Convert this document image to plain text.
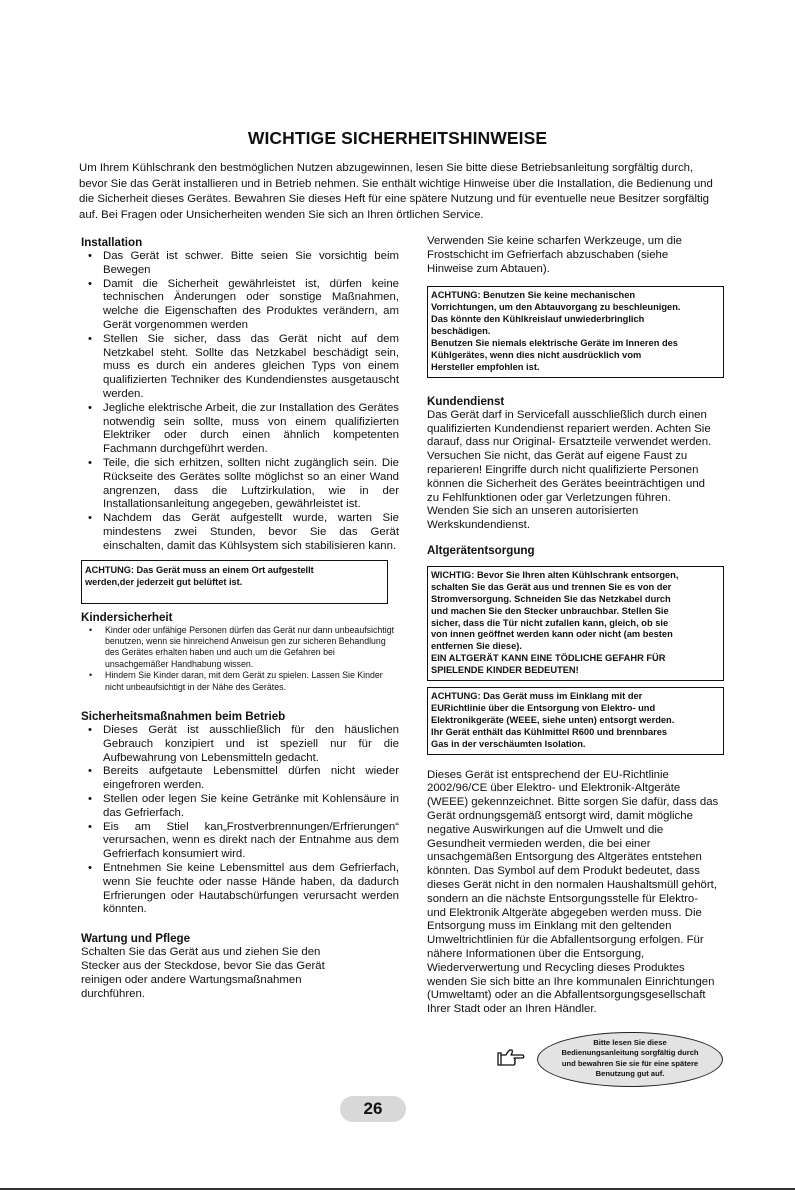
WICHTIGE SICHERHEITSHINWEISE

Um Ihrem Kühlschrank den bestmöglichen Nutzen abzugewinnen, lesen Sie bitte diese Betriebsanleitung sorgfältig durch, bevor Sie das Gerät installieren und in Betrieb nehmen. Sie enthält wichtige Hinweise über die Installation, die Bedienung und die Sicherheit dieses Gerätes. Bewahren Sie dieses Heft für eine spätere Nutzung und für eventuelle neue Besitzer sorgfältig auf. Bei Fragen oder Unsicherheiten wenden Sie sich an Ihren örtlichen Service.

Installation
• Das Gerät ist schwer. Bitte seien Sie vorsichtig beim Bewegen
• Damit die Sicherheit gewährleistet ist, dürfen keine technischen Änderungen oder sonstige Maßnahmen, welche die Eigenschaften des Produktes verändern, am Gerät vorgenommen werden
• Stellen Sie sicher, dass das Gerät nicht auf dem Netzkabel steht. Sollte das Netzkabel beschädigt sein, muss es durch ein anderes gleichen Typs von einem qualifizierten Techniker des Kundendienstes ausgetauscht werden.
• Jegliche elektrische Arbeit, die zur Installation des Gerätes notwendig sein sollte, muss von einem qualifizierten Elektriker oder durch einen ähnlich kompetenten Fachmann durchgeführt werden.
• Teile, die sich erhitzen, sollten nicht zugänglich sein. Die Rückseite des Gerätes sollte möglichst so an einer Wand angrenzen, dass die Luftzirkulation, wie in der Installationsanleitung angegeben, gewährleistet ist.
• Nachdem das Gerät aufgestellt wurde, warten Sie mindestens zwei Stunden, bevor Sie das Gerät einschalten, damit das Kühlsystem sich stabilisieren kann.
ACHTUNG: Das Gerät muss an einem Ort aufgestellt
werden,der jederzeit gut belüftet ist.
Kindersicherheit
• Kinder oder unfähige Personen dürfen das Gerät nur dann unbeaufsichtigt benutzen, wenn sie hinreichend Anweisun gen zur sicheren Behandlung des Gerätes erhalten haben und auch um die Gefahren bei unsachgemäßer Handhabung wissen.
• Hindern Sie Kinder daran, mit dem Gerät zu spielen. Lassen Sie Kinder nicht unbeaufsichtigt in der Nähe des Gerätes.
Sicherheitsmaßnahmen beim Betrieb
• Dieses Gerät ist ausschließlich für den häuslichen Gebrauch konzipiert und ist speziell nur für die Aufbewahrung von Lebensmitteln gedacht.
• Bereits aufgetaute Lebensmittel dürfen nicht wieder eingefroren werden.
• Stellen oder legen Sie keine Getränke mit Kohlensäure in das Gefrierfach.
• Eis am Stiel kan„Frostverbrennungen/Erfrierungen“ verursachen, wenn es direkt nach der Entnahme aus dem Gefrierfach konsumiert wird.
• Entnehmen Sie keine Lebensmittel aus dem Gefrierfach, wenn Sie feuchte oder nasse Hände haben, da dadurch Erfrierungen oder Hautabschürfungen verursacht werden könnten.
Wartung und Pflege

Schalten Sie das Gerät aus und ziehen Sie den Stecker aus der Steckdose, bevor Sie das Gerät reinigen oder andere Wartungsmaßnahmen durchführen.

Verwenden Sie keine scharfen Werkzeuge, um die Frostschicht im Gefrierfach abzuschaben (siehe Hinweise zum Abtauen).

ACHTUNG: Benutzen Sie keine mechanischen
Vorrichtungen, um den Abtauvorgang zu beschleunigen.
Das könnte den Kühlkreislauf unwiederbringlich
beschädigen.
Benutzen Sie niemals elektrische Geräte im Inneren des
Kühlgerätes, wenn dies nicht ausdrücklich vom
Hersteller empfohlen ist.
Kundendienst

Das Gerät darf in Servicefall ausschließlich durch einen qualifizierten Kundendienst repariert werden. Achten Sie darauf, dass nur Original- Ersatzteile verwendet werden. Versuchen Sie nicht, das Gerät auf eigene Faust zu reparieren! Eingriffe durch nicht qualifizierte Personen können die Sicherheit des Gerätes beeinträchtigen und zu Fehlfunktionen oder gar Verletzungen führen. Wenden Sie sich an unseren autorisierten Werkskundendienst.

Altgerätentsorgung
WICHTIG: Bevor Sie Ihren alten Kühlschrank entsorgen,
schalten Sie das Gerät aus und trennen Sie es von der
Stromversorgung. Schneiden Sie das Netzkabel durch
und machen Sie den Stecker unbrauchbar. Stellen Sie
sicher, dass die Tür nicht zufallen kann, gleich, ob sie
von innen geöffnet werden kann oder nicht (am besten
entfernen Sie diese).
EIN ALTGERÄT KANN EINE TÖDLICHE GEFAHR FÜR
SPIELENDE KINDER BEDEUTEN!
ACHTUNG: Das Gerät muss im Einklang mit der
EURichtlinie über die Entsorgung von Elektro- und
Elektronikgeräte (WEEE, siehe unten) entsorgt werden.
Ihr Gerät enthält das Kühlmittel R600 und brennbares
Gas in der verschäumten Isolation.

Dieses Gerät ist entsprechend der EU-Richtlinie 2002/96/CE über Elektro- und Elektronik-Altgeräte (WEEE) gekennzeichnet. Bitte sorgen Sie dafür, dass das Gerät ordnungsgemäß entsorgt wird, damit mögliche negative Auswirkungen auf die Umwelt und die Gesundheit vermieden werden, die bei einer unsachgemäßen Entsorgung des Altgerätes entstehen könnten. Das Symbol auf dem Produkt bedeutet, dass dieses Gerät nicht in den normalen Haushaltsmüll gehört, sondern an die nächste Entsorgungsstelle für Elektro- und Elektronik Altgeräte abgegeben werden muss. Die Entsorgung muss im Einklang mit den geltenden Umweltrichtlinien für die Abfallentsorgung erfolgen. Für nähere Informationen über die Entsorgung, Wiederverwertung und Recycling dieses Produktes wenden Sie sich bitte an Ihre kommunalen Einrichtungen (Umweltamt) oder an die Abfallentsorgungsgesellschaft Ihrer Stadt oder an Ihren Händler.

Bitte lesen Sie diese
Bedienungsanleitung sorgfältig durch
und bewahren Sie sie für eine spätere
Benutzung gut auf.
26
